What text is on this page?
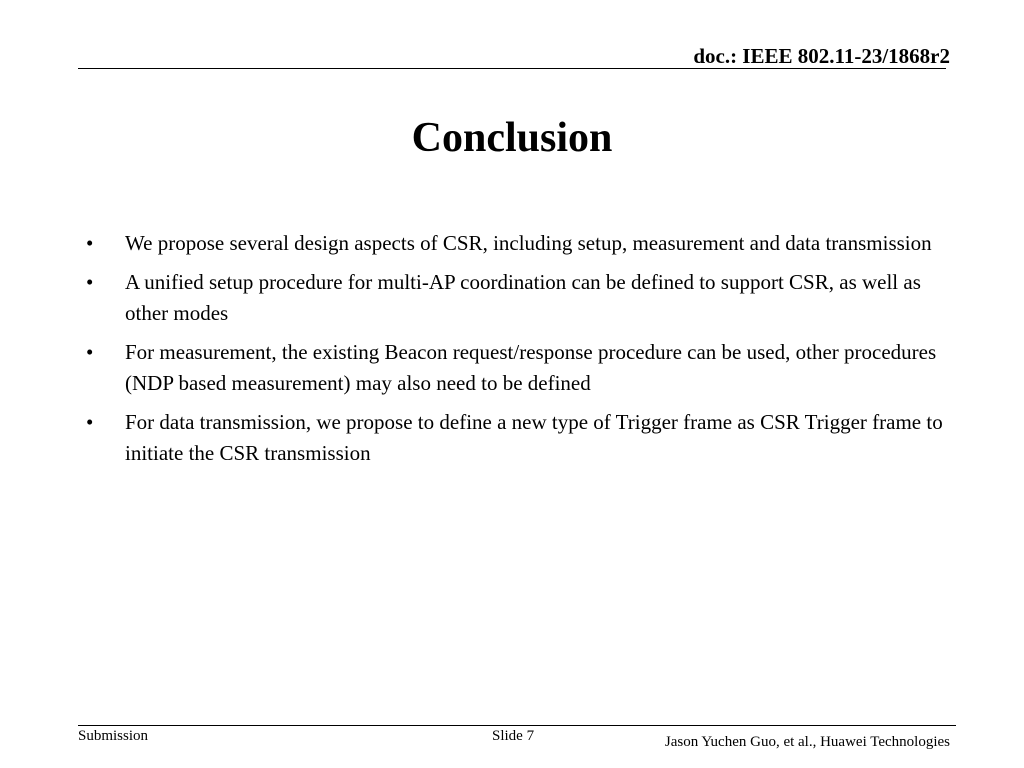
doc.: IEEE 802.11-23/1868r2
Conclusion
• We propose several design aspects of CSR, including setup, measurement and data transmission
• A unified setup procedure for multi-AP coordination can be defined to support CSR, as well as other modes
• For measurement, the existing Beacon request/response procedure can be used, other procedures (NDP based measurement) may also need to be defined
• For data transmission, we propose to define a new type of Trigger frame as CSR Trigger frame to initiate the CSR transmission
Submission	Slide 7	Jason Yuchen Guo, et al., Huawei Technologies
